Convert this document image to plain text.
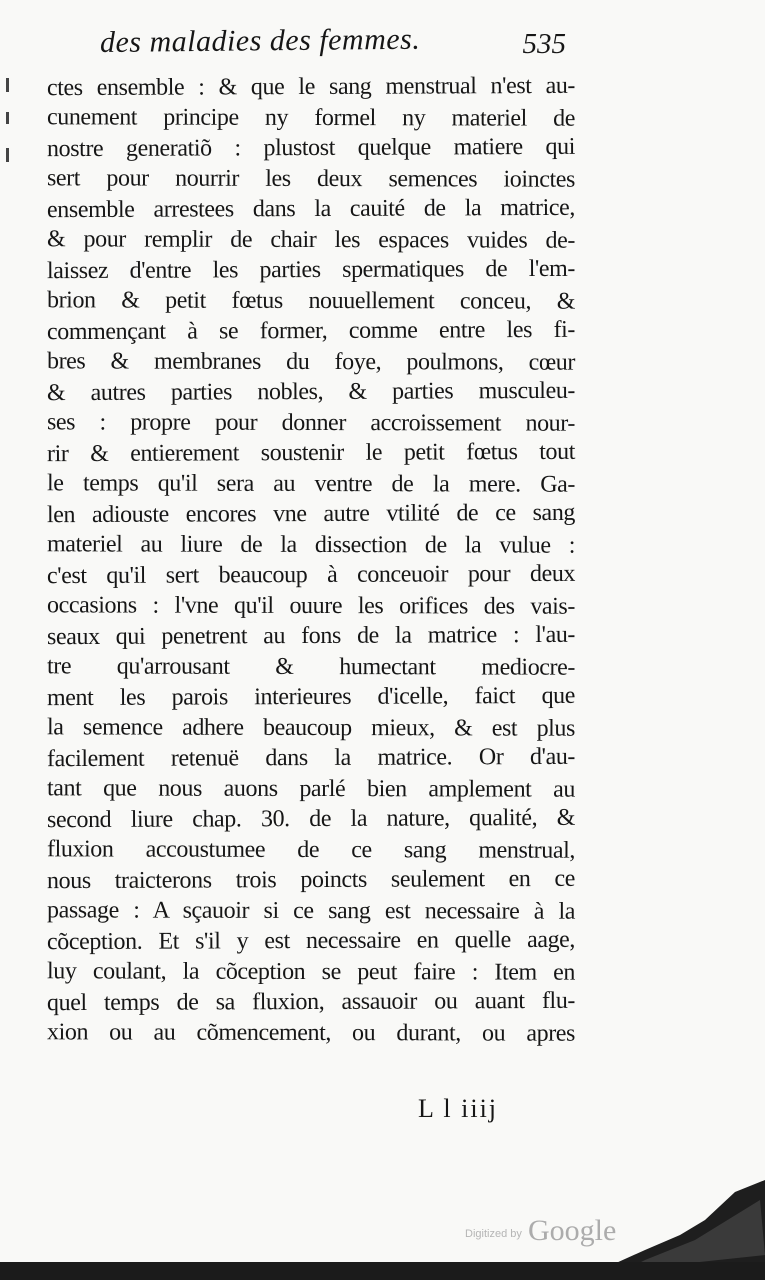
des maladies des femmes.	535
ctes ensemble : & que le sang menstrual n'est au-
cunement principe ny formel ny materiel de
nostre generatiõ : plustost quelque matiere qui
sert pour nourrir les deux semences ioinctes
ensemble arrestees dans la cauité de la matrice,
& pour remplir de chair les espaces vuides de-
laissez d'entre les parties spermatiques de l'em-
brion & petit fœtus nouuellement conceu, &
commençant à se former, comme entre les fi-
bres & membranes du foye, poulmons, cœur
& autres parties nobles, & parties musculeu-
ses : propre pour donner accroissement nour-
rir & entierement soustenir le petit fœtus tout
le temps qu'il sera au ventre de la mere. Ga-
len adiouste encores vne autre vtilité de ce sang
materiel au liure de la dissection de la vulue :
c'est qu'il sert beaucoup à conceuoir pour deux
occasions : l'vne qu'il ouure les orifices des vais-
seaux qui penetrent au fons de la matrice : l'au-
tre qu'arrousant & humectant mediocre-
ment les parois interieures d'icelle, faict que
la semence adhere beaucoup mieux, & est plus
facilement retenuë dans la matrice. Or d'au-
tant que nous auons parlé bien amplement au
second liure chap. 30. de la nature, qualité, &
fluxion accoustumee de ce sang menstrual,
nous traicterons trois poincts seulement en ce
passage : A sçauoir si ce sang est necessaire à la
cõception. Et s'il y est necessaire en quelle aage,
luy coulant, la cõception se peut faire : Item en
quel temps de sa fluxion, assauoir ou auant flu-
xion ou au cõmencement, ou durant, ou apres
L l iiij
Digitized by Google
